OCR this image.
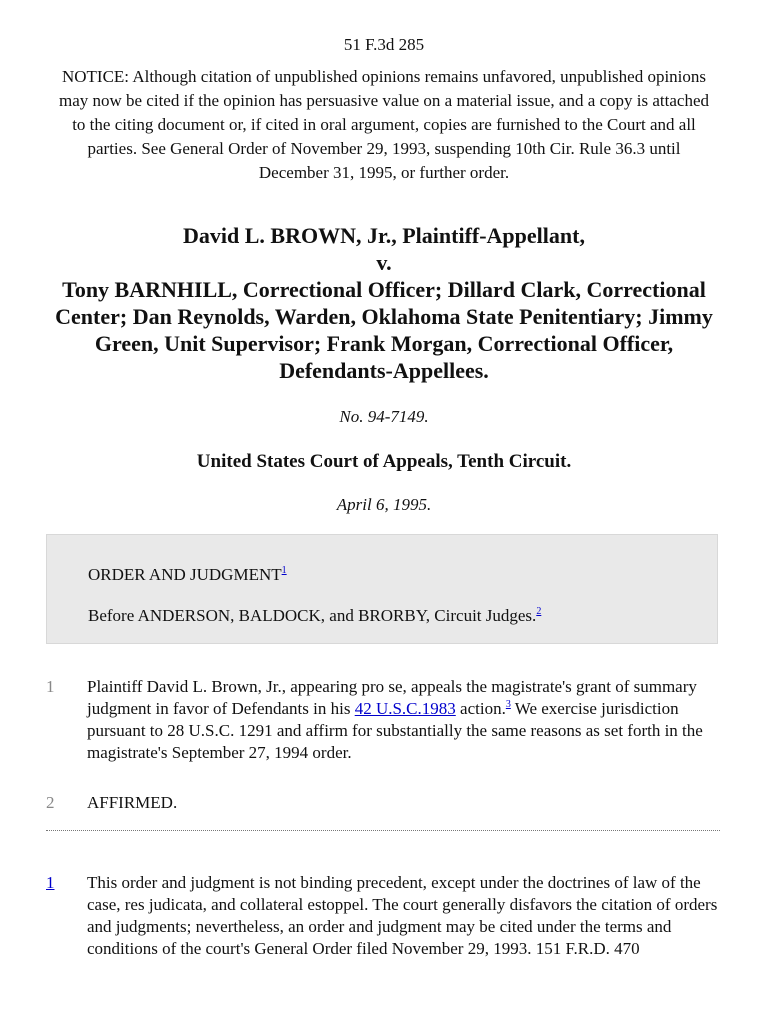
51 F.3d 285
NOTICE: Although citation of unpublished opinions remains unfavored, unpublished opinions may now be cited if the opinion has persuasive value on a material issue, and a copy is attached to the citing document or, if cited in oral argument, copies are furnished to the Court and all parties. See General Order of November 29, 1993, suspending 10th Cir. Rule 36.3 until December 31, 1995, or further order.
David L. BROWN, Jr., Plaintiff-Appellant,
v.
Tony BARNHILL, Correctional Officer; Dillard Clark, Correctional Center; Dan Reynolds, Warden, Oklahoma State Penitentiary; Jimmy Green, Unit Supervisor; Frank Morgan, Correctional Officer, Defendants-Appellees.
No. 94-7149.
United States Court of Appeals, Tenth Circuit.
April 6, 1995.
ORDER AND JUDGMENT$^1$
Before ANDERSON, BALDOCK, and BRORBY, Circuit Judges.$^2$
1	Plaintiff David L. Brown, Jr., appearing pro se, appeals the magistrate's grant of summary judgment in favor of Defendants in his 42 U.S.C.1983 action.$^3$ We exercise jurisdiction pursuant to 28 U.S.C. 1291 and affirm for substantially the same reasons as set forth in the magistrate's September 27, 1994 order.
2	AFFIRMED.
1 This order and judgment is not binding precedent, except under the doctrines of law of the case, res judicata, and collateral estoppel. The court generally disfavors the citation of orders and judgments; nevertheless, an order and judgment may be cited under the terms and conditions of the court's General Order filed November 29, 1993. 151 F.R.D. 470
